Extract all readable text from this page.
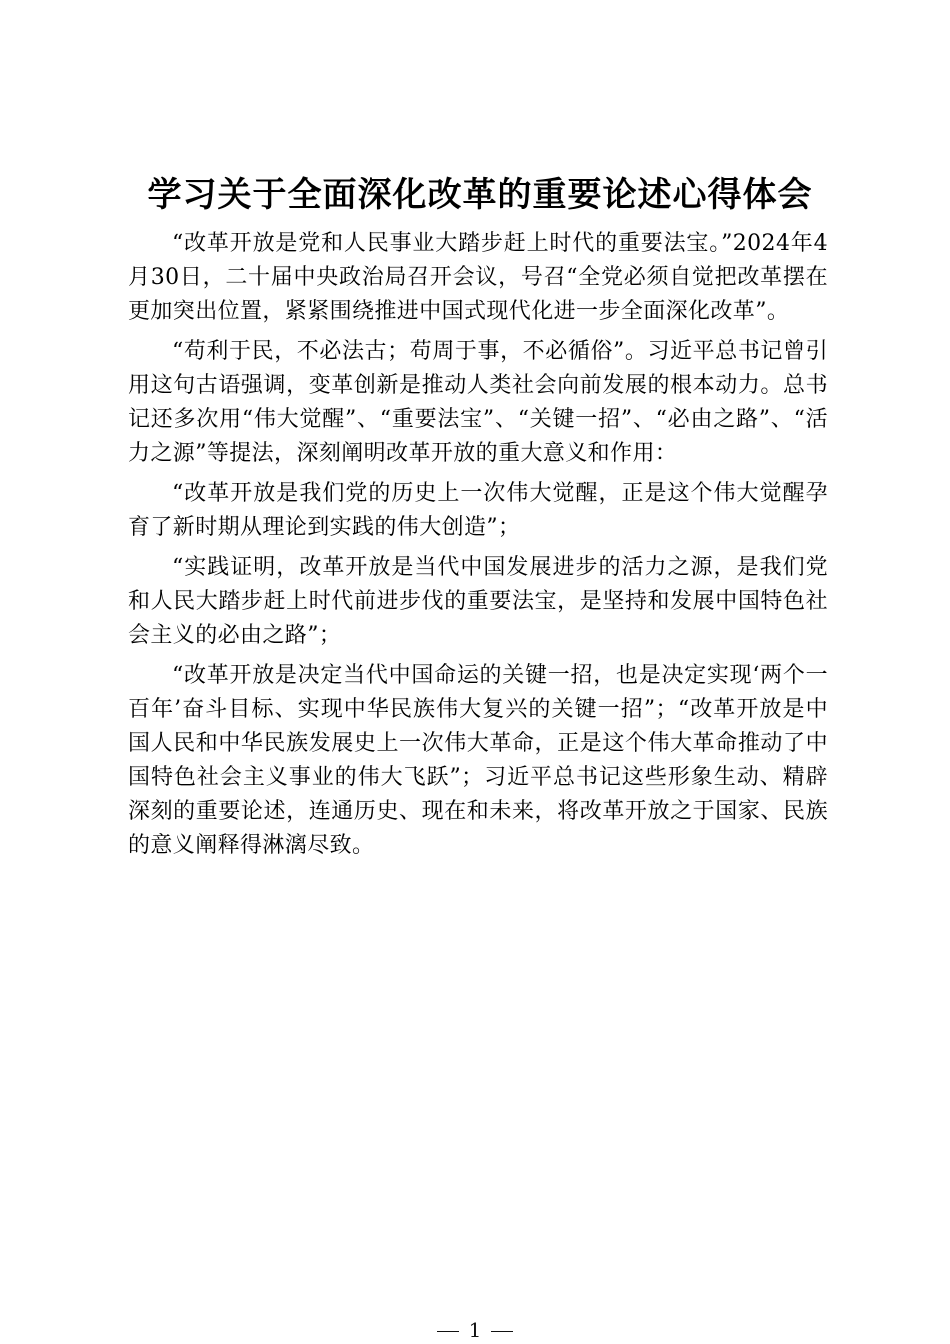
学习关于全面深化改革的重要论述心得体会

“改革开放是党和人民事业大踏步赶上时代的重要法宝。”2024年4月30日，二十届中央政治局召开会议，号召“全党必须自觉把改革摆在更加突出位置，紧紧围绕推进中国式现代化进一步全面深化改革”。

“苟利于民，不必法古；苟周于事，不必循俗”。习近平总书记曾引用这句古语强调，变革创新是推动人类社会向前发展的根本动力。总书记还多次用“伟大觉醒”、“重要法宝”、“关键一招”、“必由之路”、“活力之源”等提法，深刻阐明改革开放的重大意义和作用：

“改革开放是我们党的历史上一次伟大觉醒，正是这个伟大觉醒孕育了新时期从理论到实践的伟大创造”；

“实践证明，改革开放是当代中国发展进步的活力之源，是我们党和人民大踏步赶上时代前进步伐的重要法宝，是坚持和发展中国特色社会主义的必由之路”；

“改革开放是决定当代中国命运的关键一招，也是决定实现‘两个一百年’奋斗目标、实现中华民族伟大复兴的关键一招”；“改革开放是中国人民和中华民族发展史上一次伟大革命，正是这个伟大革命推动了中国特色社会主义事业的伟大飞跃”；习近平总书记这些形象生动、精辟深刻的重要论述，连通历史、现在和未来，将改革开放之于国家、民族的意义阐释得淋漓尽致。

1
